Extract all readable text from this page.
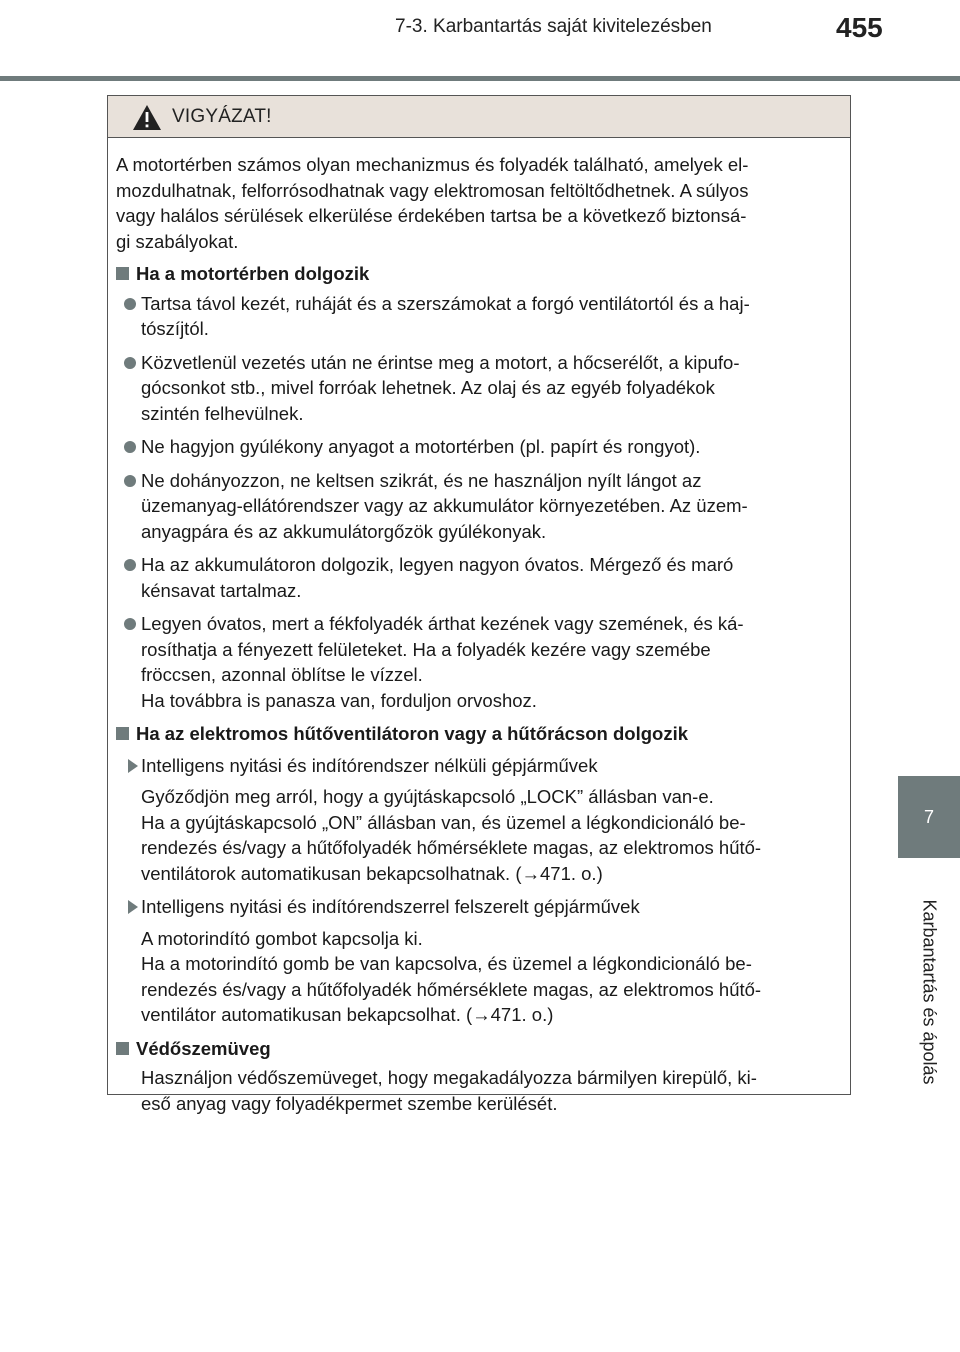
7-3. Karbantartás saját kivitelezésben	455
7
Karbantartás és ápolás
VIGYÁZAT!
A motortérben számos olyan mechanizmus és folyadék található, amelyek el-
mozdulhatnak, felforrósodhatnak vagy elektromosan feltöltődhetnek. A súlyos
vagy halálos sérülések elkerülése érdekében tartsa be a következő biztonsá-
gi szabályokat.
Ha a motortérben dolgozik
Tartsa távol kezét, ruháját és a szerszámokat a forgó ventilátortól és a haj-
tószíjtól.
Közvetlenül vezetés után ne érintse meg a motort, a hőcserélőt, a kipufo-
gócsonkot stb., mivel forróak lehetnek. Az olaj és az egyéb folyadékok
szintén felhevülnek.
Ne hagyjon gyúlékony anyagot a motortérben (pl. papírt és rongyot).
Ne dohányozzon, ne keltsen szikrát, és ne használjon nyílt lángot az
üzemanyag-ellátórendszer vagy az akkumulátor környezetében. Az üzem-
anyagpára és az akkumulátorgőzök gyúlékonyak.
Ha az akkumulátoron dolgozik, legyen nagyon óvatos. Mérgező és maró
kénsavat tartalmaz.
Legyen óvatos, mert a fékfolyadék árthat kezének vagy szemének, és ká-
rosíthatja a fényezett felületeket. Ha a folyadék kezére vagy szemébe
fröccsen, azonnal öblítse le vízzel.
Ha továbbra is panasza van, forduljon orvoshoz.
Ha az elektromos hűtőventilátoron vagy a hűtőrácson dolgozik
Intelligens nyitási és indítórendszer nélküli gépjárművek
Győződjön meg arról, hogy a gyújtáskapcsoló „LOCK” állásban van-e.
Ha a gyújtáskapcsoló „ON” állásban van, és üzemel a légkondicionáló be-
rendezés és/vagy a hűtőfolyadék hőmérséklete magas, az elektromos hűtő-
ventilátorok automatikusan bekapcsolhatnak. (→471. o.)
Intelligens nyitási és indítórendszerrel felszerelt gépjárművek
A motorindító gombot kapcsolja ki.
Ha a motorindító gomb be van kapcsolva, és üzemel a légkondicionáló be-
rendezés és/vagy a hűtőfolyadék hőmérséklete magas, az elektromos hűtő-
ventilátor automatikusan bekapcsolhat. (→471. o.)
Védőszemüveg
Használjon védőszemüveget, hogy megakadályozza bármilyen kirepülő, ki-
eső anyag vagy folyadékpermet szembe kerülését.
